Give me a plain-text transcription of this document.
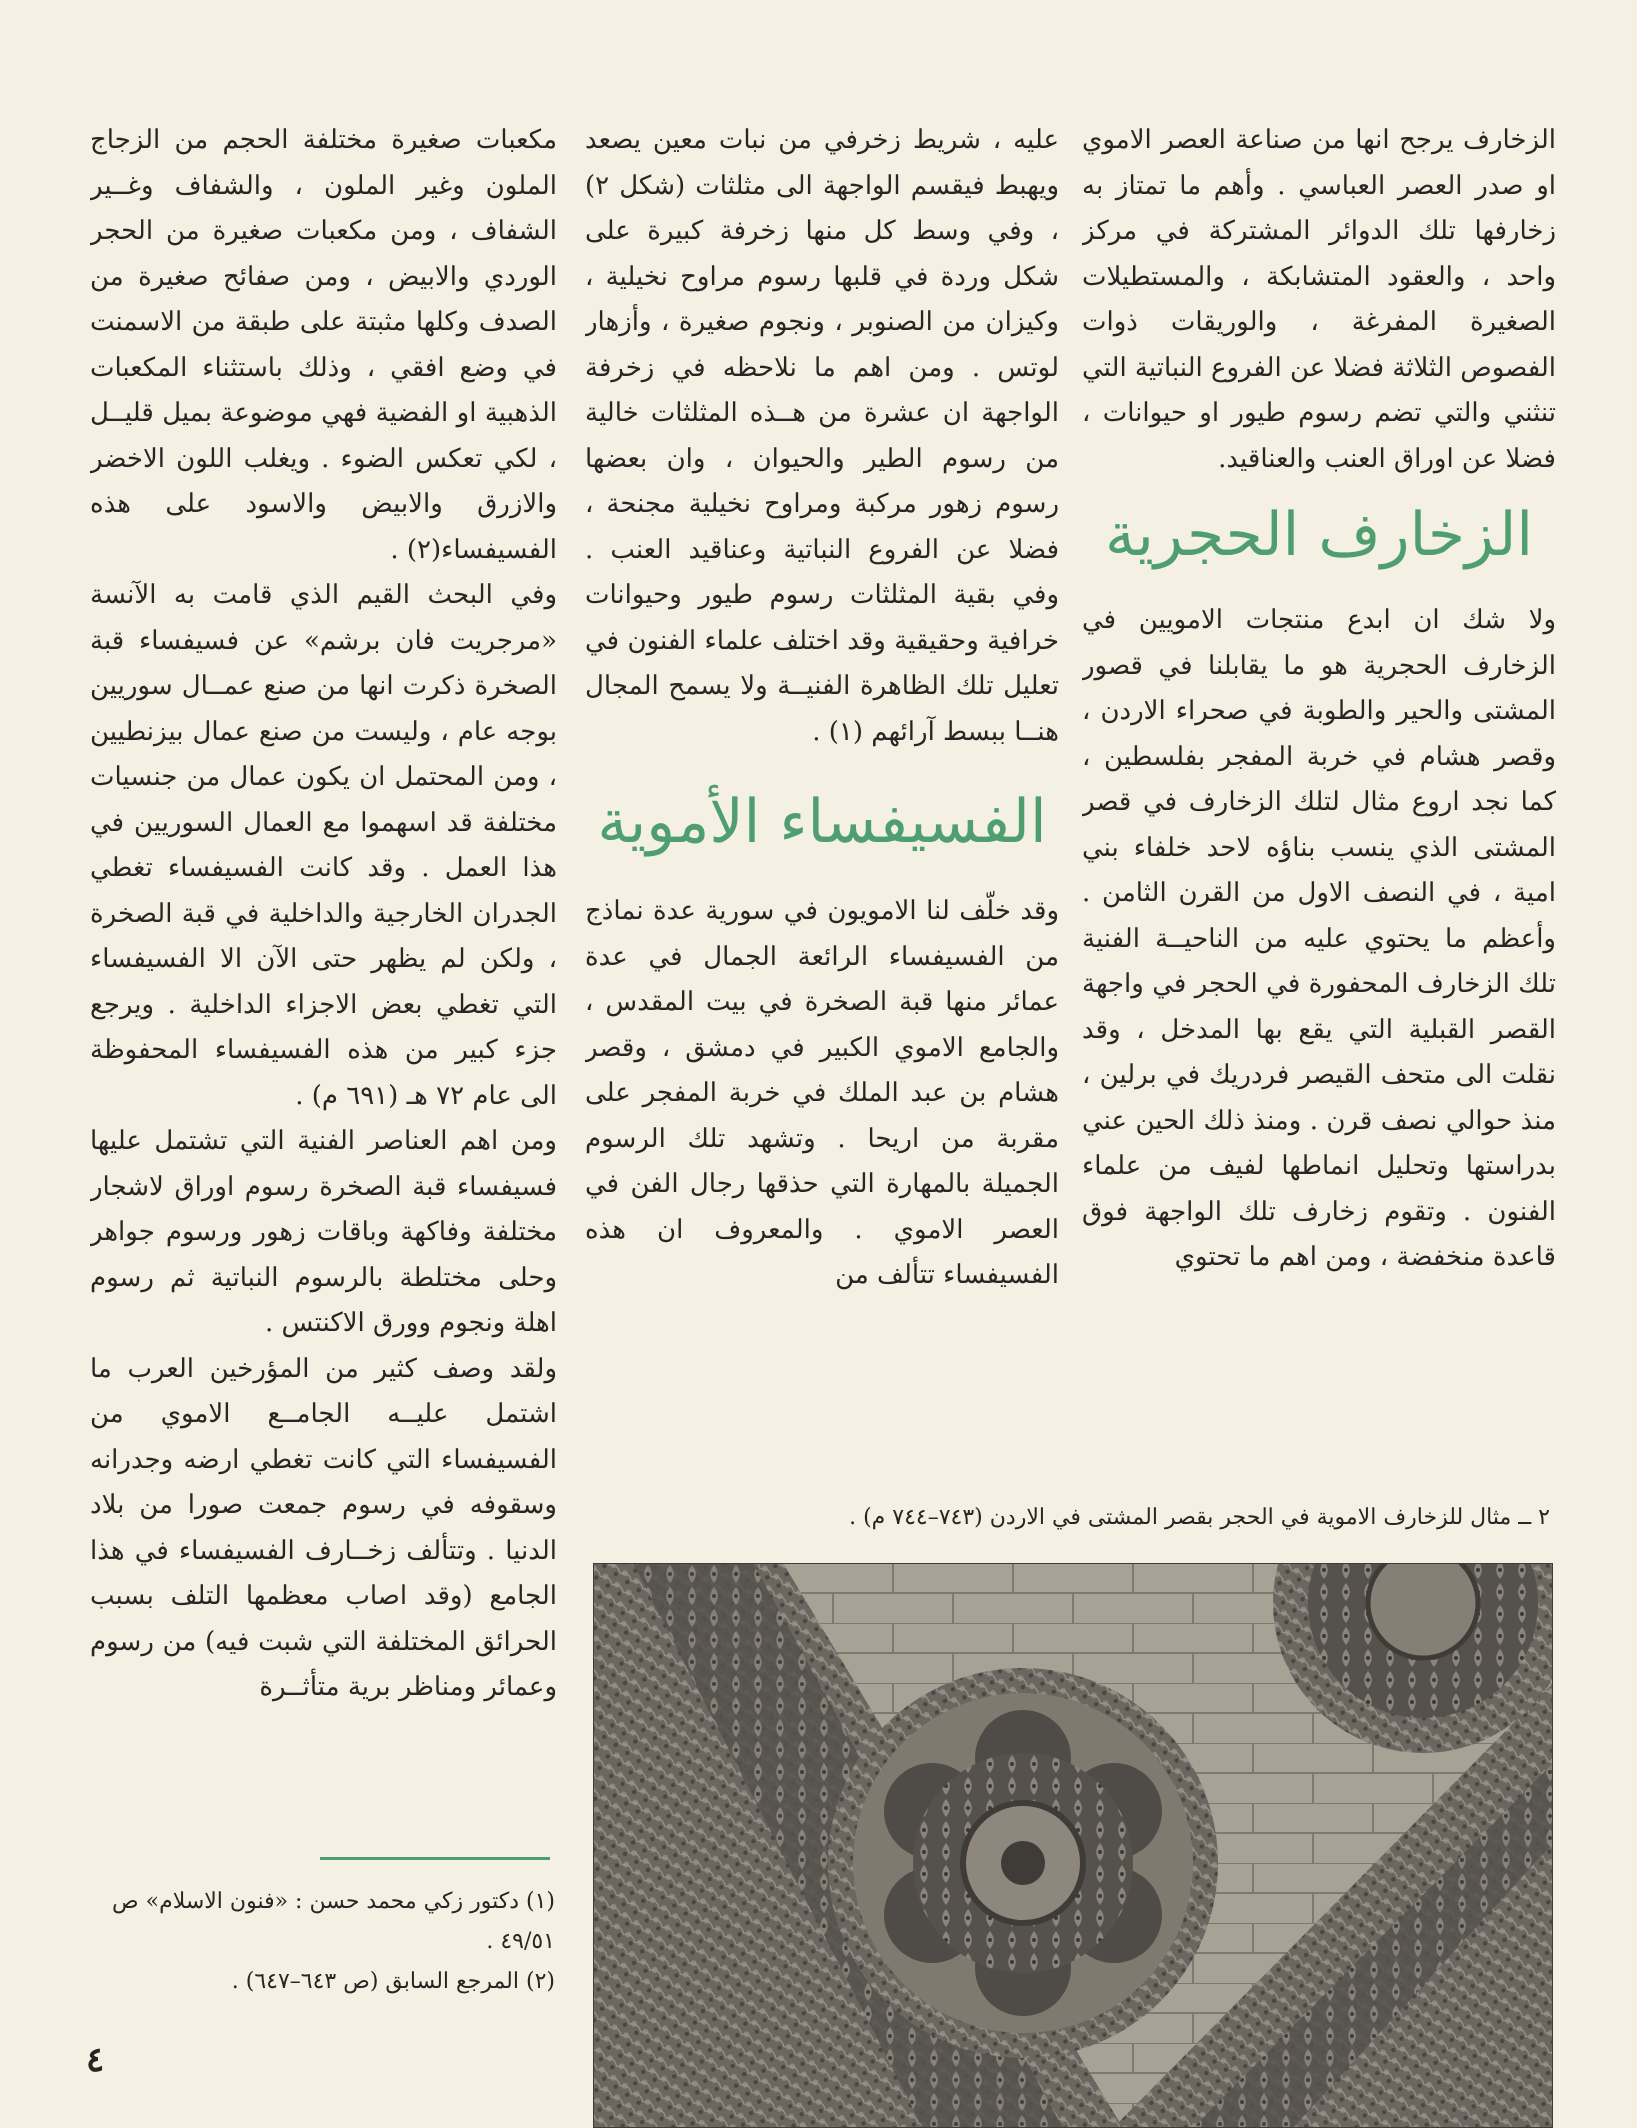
الزخارف يرجح انها من صناعة العصر الاموي او صدر العصر العباسي . وأهم ما تمتاز به زخارفها تلك الدوائر المشتركة في مركز واحد ، والعقود المتشابكة ، والمستطيلات الصغيرة المفرغة ، والوريقات ذوات الفصوص الثلاثة فضلا عن الفروع النباتية التي تنثني والتي تضم رسوم طيور او حيوانات ، فضلا عن اوراق العنب والعناقيد.

الزخارف الحجرية

ولا شك ان ابدع منتجات الامويين في الزخارف الحجرية هو ما يقابلنا في قصور المشتى والحير والطوبة في صحراء الاردن ، وقصر هشام في خربة المفجر بفلسطين ، كما نجد اروع مثال لتلك الزخارف في قصر المشتى الذي ينسب بناؤه لاحد خلفاء بني امية ، في النصف الاول من القرن الثامن . وأعظم ما يحتوي عليه من الناحيــة الفنية تلك الزخارف المحفورة في الحجر في واجهة القصر القبلية التي يقع بها المدخل ، وقد نقلت الى متحف القيصر فردريك في برلين ، منذ حوالي نصف قرن . ومنذ ذلك الحين عني بدراستها وتحليل انماطها لفيف من علماء الفنون . وتقوم زخارف تلك الواجهة فوق قاعدة منخفضة ، ومن اهم ما تحتوي

عليه ، شريط زخرفي من نبات معين يصعد ويهبط فيقسم الواجهة الى مثلثات (شكل ٢) ، وفي وسط كل منها زخرفة كبيرة على شكل وردة في قلبها رسوم مراوح نخيلية ، وكيزان من الصنوبر ، ونجوم صغيرة ، وأزهار لوتس . ومن اهم ما نلاحظه في زخرفة الواجهة ان عشرة من هــذه المثلثات خالية من رسوم الطير والحيوان ، وان بعضها رسوم زهور مركبة ومراوح نخيلية مجنحة ، فضلا عن الفروع النباتية وعناقيد العنب . وفي بقية المثلثات رسوم طيور وحيوانات خرافية وحقيقية وقد اختلف علماء الفنون في تعليل تلك الظاهرة الفنيــة ولا يسمح المجال هنــا ببسط آرائهم (١) .

الفسيفساء الأموية

وقد خلّف لنا الامويون في سورية عدة نماذج من الفسيفساء الرائعة الجمال في عدة عمائر منها قبة الصخرة في بيت المقدس ، والجامع الاموي الكبير في دمشق ، وقصر هشام بن عبد الملك في خربة المفجر على مقربة من اريحا . وتشهد تلك الرسوم الجميلة بالمهارة التي حذقها رجال الفن في العصر الاموي . والمعروف ان هذه الفسيفساء تتألف من

مكعبات صغيرة مختلفة الحجم من الزجاج الملون وغير الملون ، والشفاف وغــير الشفاف ، ومن مكعبات صغيرة من الحجر الوردي والابيض ، ومن صفائح صغيرة من الصدف وكلها مثبتة على طبقة من الاسمنت في وضع افقي ، وذلك باستثناء المكعبات الذهبية او الفضية فهي موضوعة بميل قليــل ، لكي تعكس الضوء . ويغلب اللون الاخضر والازرق والابيض والاسود على هذه الفسيفساء(٢) .

وفي البحث القيم الذي قامت به الآنسة «مرجريت فان برشم» عن فسيفساء قبة الصخرة ذكرت انها من صنع عمــال سوريين بوجه عام ، وليست من صنع عمال بيزنطيين ، ومن المحتمل ان يكون عمال من جنسيات مختلفة قد اسهموا مع العمال السوريين في هذا العمل . وقد كانت الفسيفساء تغطي الجدران الخارجية والداخلية في قبة الصخرة ، ولكن لم يظهر حتى الآن الا الفسيفساء التي تغطي بعض الاجزاء الداخلية . ويرجع جزء كبير من هذه الفسيفساء المحفوظة الى عام ٧٢ هـ (٦٩١ م) .

ومن اهم العناصر الفنية التي تشتمل عليها فسيفساء قبة الصخرة رسوم اوراق لاشجار مختلفة وفاكهة وباقات زهور ورسوم جواهر وحلى مختلطة بالرسوم النباتية ثم رسوم اهلة ونجوم وورق الاكنتس .

ولقد وصف كثير من المؤرخين العرب ما اشتمل عليــه الجامــع الاموي من الفسيفساء التي كانت تغطي ارضه وجدرانه وسقوفه في رسوم جمعت صورا من بلاد الدنيا . وتتألف زخــارف الفسيفساء في هذا الجامع (وقد اصاب معظمها التلف بسبب الحرائق المختلفة التي شبت فيه) من رسوم وعمائر ومناظر برية متأثــرة

(١) دكتور زكي محمد حسن : «فنون الاسلام» ص ٤٩/٥١ .

(٢) المرجع السابق (ص ٦٤٣–٦٤٧) .

٢ ــ مثال للزخارف الاموية في الحجر بقصر المشتى في الاردن (٧٤٣–٧٤٤ م) .
٤
